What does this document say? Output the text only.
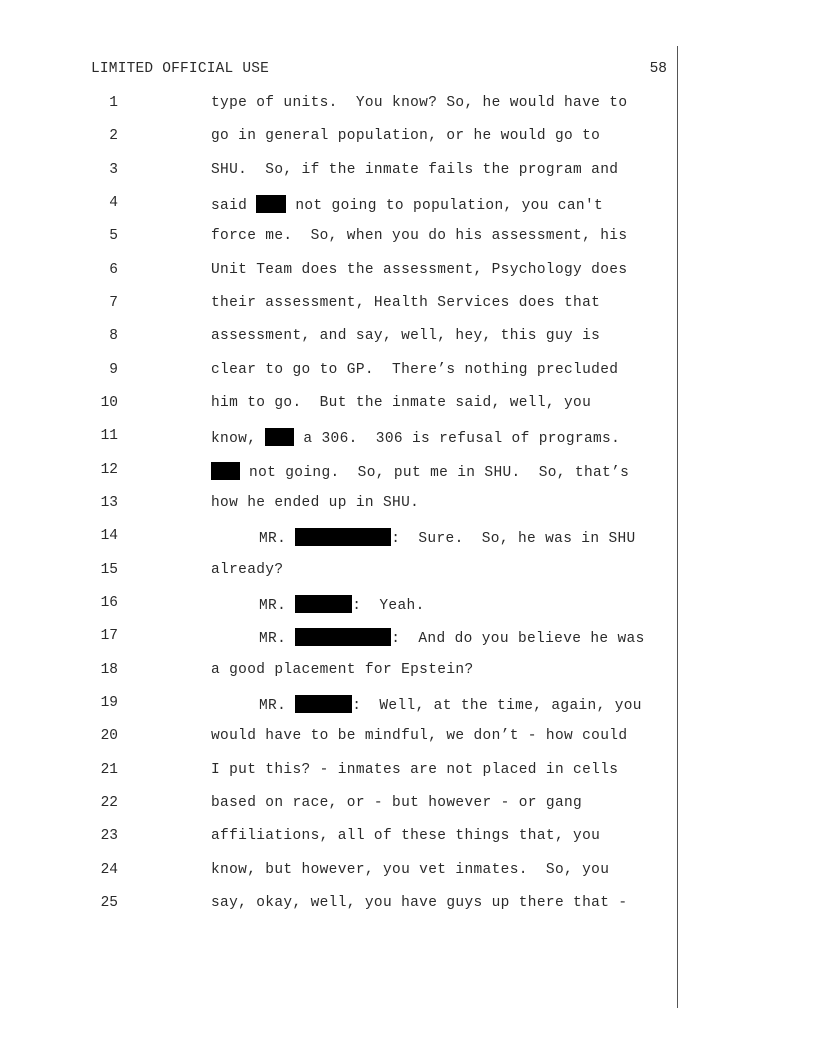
LIMITED OFFICIAL USE	58
1	type of units.  You know? So, he would have to
2	go in general population, or he would go to
3	SHU.  So, if the inmate fails the program and
4	said  not going to population, you can't
5	force me.  So, when you do his assessment, his
6	Unit Team does the assessment, Psychology does
7	their assessment, Health Services does that
8	assessment, and say, well, hey, this guy is
9	clear to go to GP.  There’s nothing precluded
10	him to go.  But the inmate said, well, you
11	know,  a 306.  306 is refusal of programs.
12	not going.  So, put me in SHU.  So, that’s
13	how he ended up in SHU.
14	MR.	:  Sure.  So, he was in SHU
15	already?
16	MR.	:  Yeah.
17	MR.	:  And do you believe he was
18	a good placement for Epstein?
19	MR.	:  Well, at the time, again, you
20	would have to be mindful, we don’t - how could
21	I put this? - inmates are not placed in cells
22	based on race, or - but however - or gang
23	affiliations, all of these things that, you
24	know, but however, you vet inmates.  So, you
25	say, okay, well, you have guys up there that -
